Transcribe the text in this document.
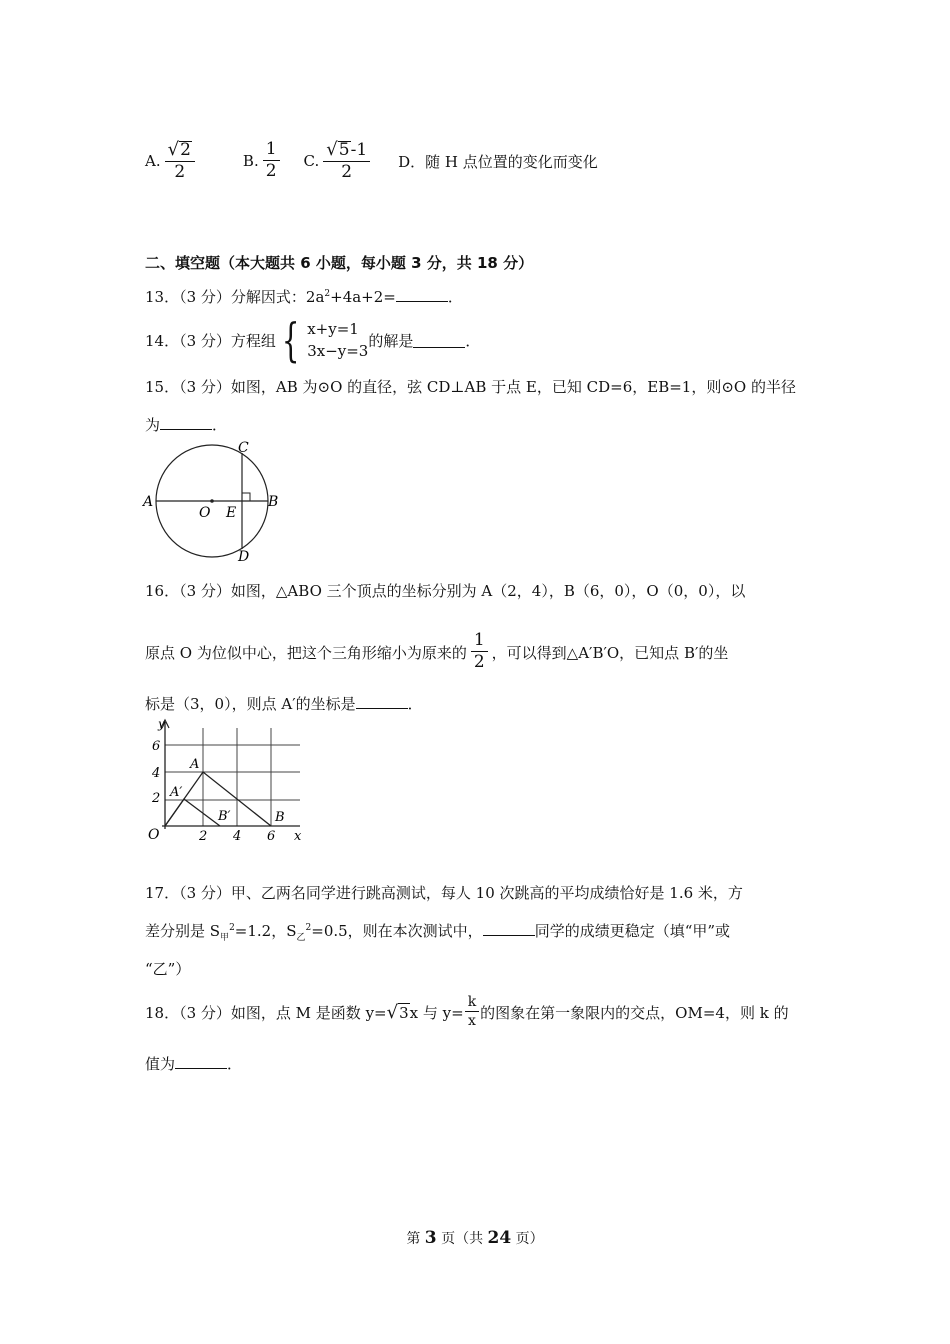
A. $\frac{√2}{2}$	B. $\frac{1}{2} C$. $\frac{√5-1}{2}$ D．随 H 点位置的变化而变化
二、填空题（本大题共 6 小题，每小题 3 分，共 18 分）
13．（3 分）分解因式：$2a^2+4a+2=$	．
14．（3 分）方程组 { x+y=1
3x−y=3
的解是	．
15．（3 分）如图，AB 为⊙O 的直径，弦 CD⊥AB 于点 E，已知 CD=6，EB=1，则⊙O 的半径
为	．
A	B
C
D
O E
16．（3 分）如图，△ABO 三个顶点的坐标分别为 A（2，4），B（6，0），O（0，0），以
原点 O 为位似中心，把这个三角形缩小为原来的 $\frac{1}{2}$ ，可以得到△A′B′O，已知点 B′的坐
标是（3，0），则点 A′的坐标是	．
y
x
O
6
4
2
2 4 6
A
A′
B
B′
17．（3 分）甲、乙两名同学进行跳高测试，每人 10 次跳高的平均成绩恰好是 1.6 米，方
差分别是 $S_甲^2=1.2$，$S_乙^2=0.5$，则在本次测试中，	同学的成绩更稳定（填“甲”或
“乙”）
18．（3 分）如图，点 M 是函数 y= √ 3 x 与 $y= \frac{k}{x}$ 的图象在第一象限内的交点，OM=4，则 k 的
值为	．
第 3 页（共 24 页）
